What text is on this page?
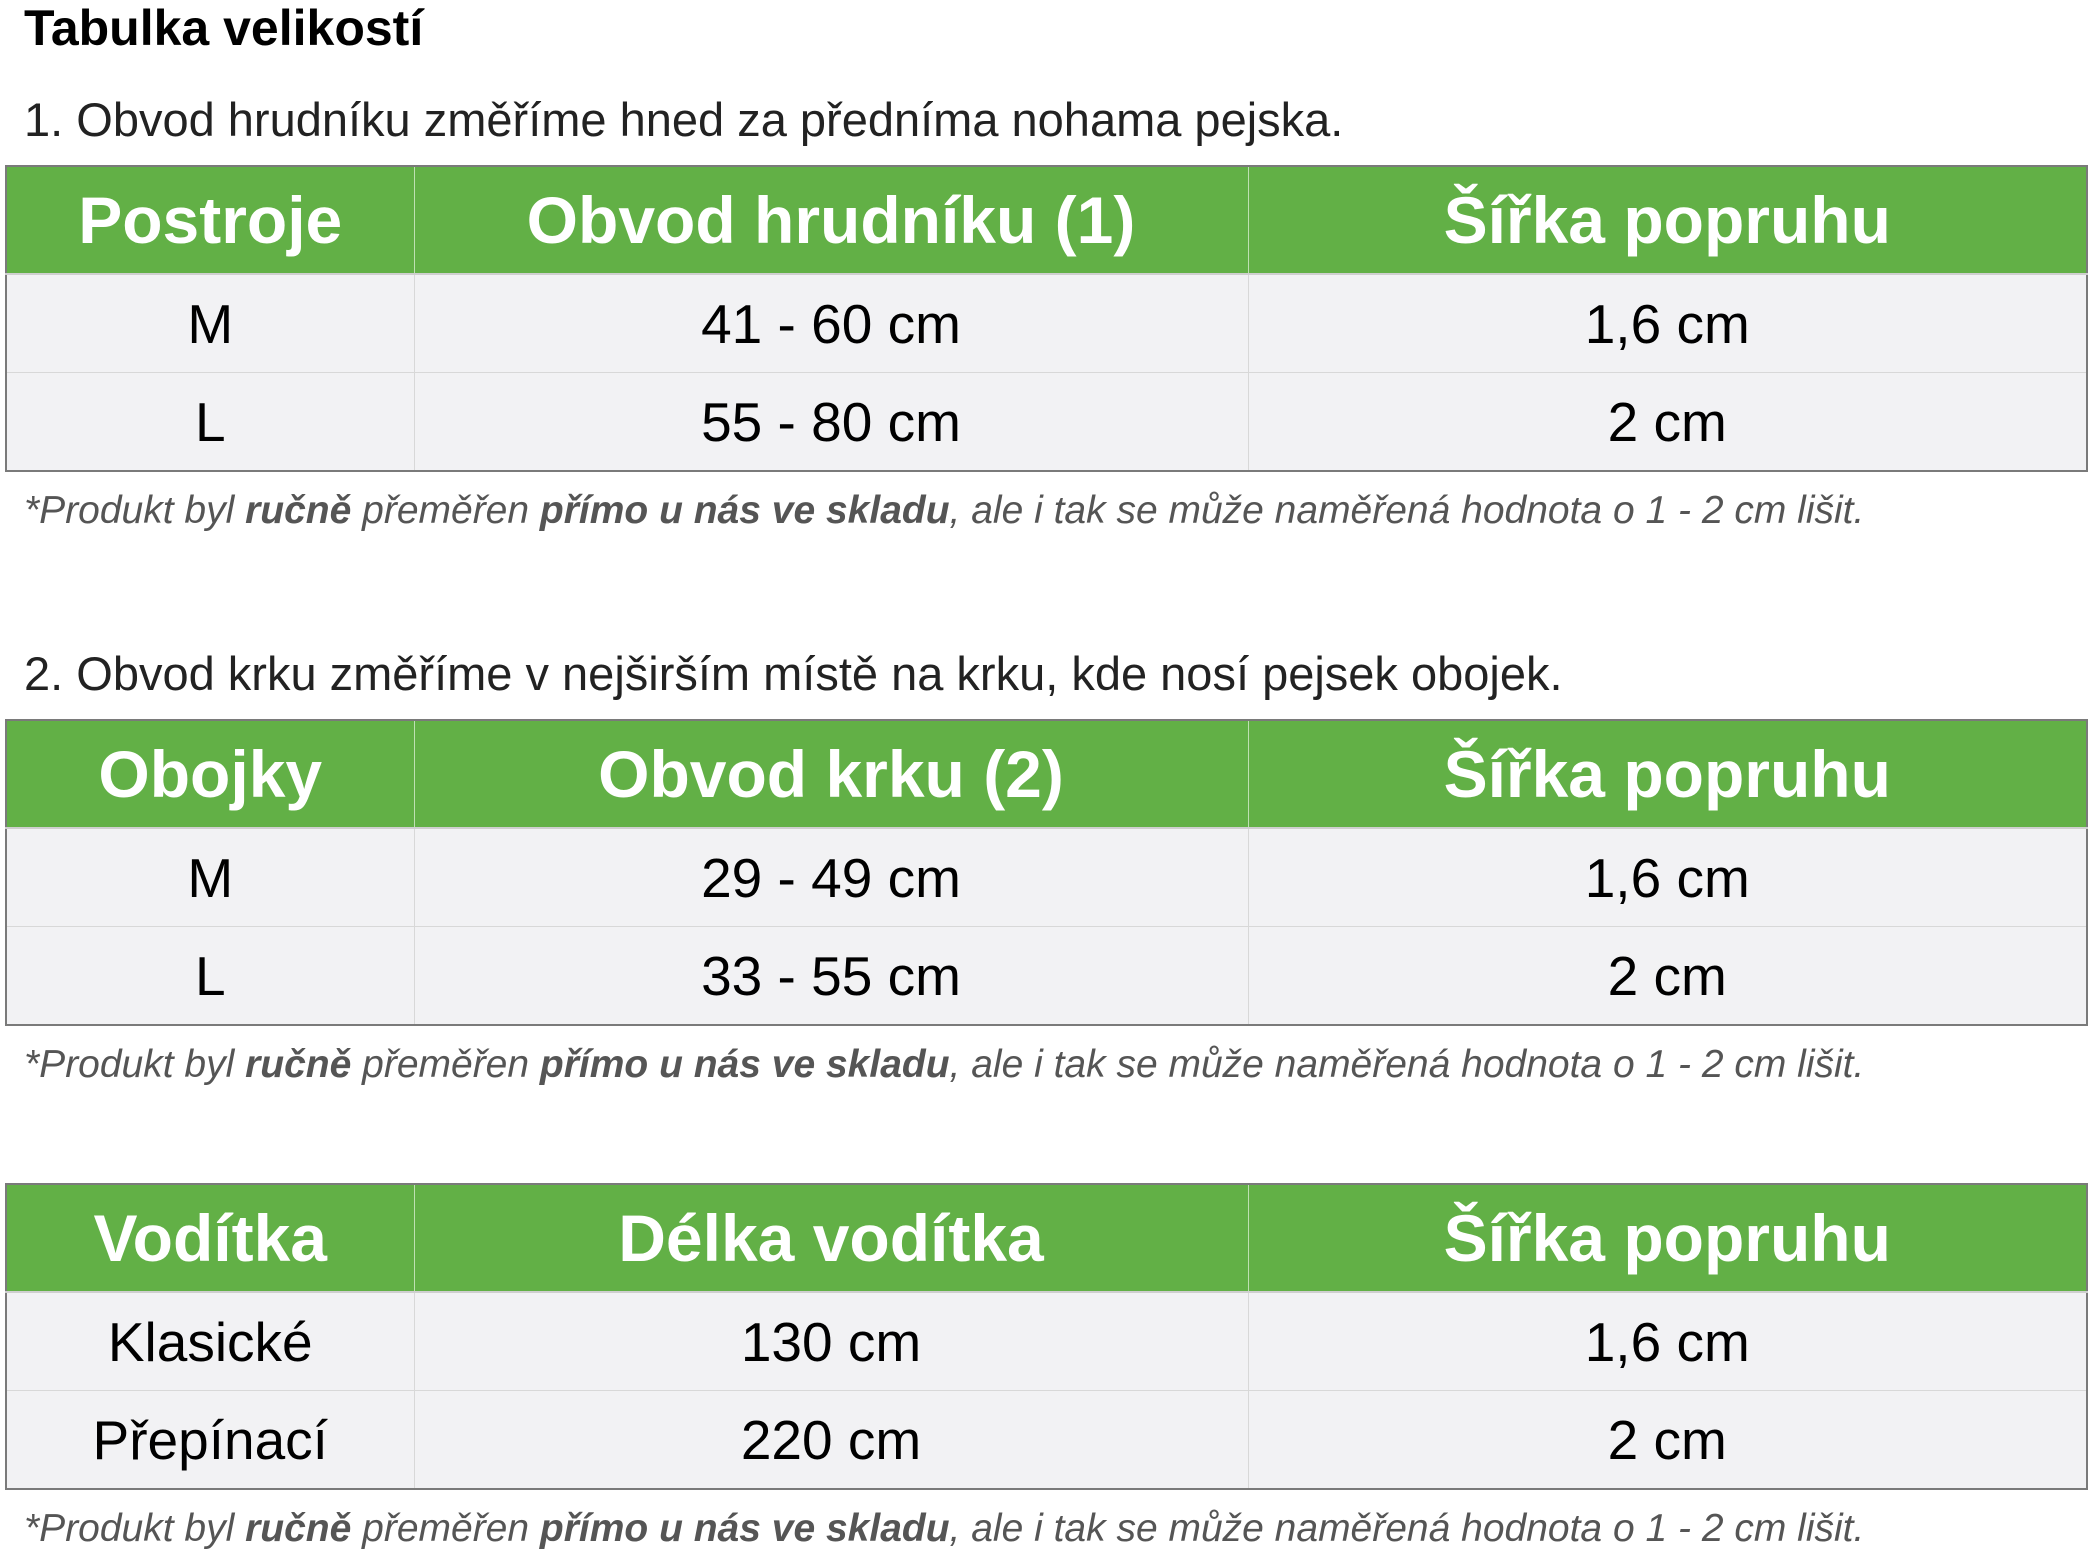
Tabulka velikostí

1. Obvod hrudníku změříme hned za předníma nohama pejska.

Postroje	Obvod hrudníku (1)	Šířka popruhu
M	41 - 60 cm	1,6 cm
L	55 - 80 cm	2 cm

*Produkt byl ručně přeměřen přímo u nás ve skladu, ale i tak se může naměřená hodnota o 1 - 2 cm lišit.

2. Obvod krku změříme v nejširším místě na krku, kde nosí pejsek obojek.

Obojky	Obvod krku (2)	Šířka popruhu
M	29 - 49 cm	1,6 cm
L	33 - 55 cm	2 cm

*Produkt byl ručně přeměřen přímo u nás ve skladu, ale i tak se může naměřená hodnota o 1 - 2 cm lišit.

Vodítka	Délka vodítka	Šířka popruhu
Klasické	130 cm	1,6 cm
Přepínací	220 cm	2 cm

*Produkt byl ručně přeměřen přímo u nás ve skladu, ale i tak se může naměřená hodnota o 1 - 2 cm lišit.
